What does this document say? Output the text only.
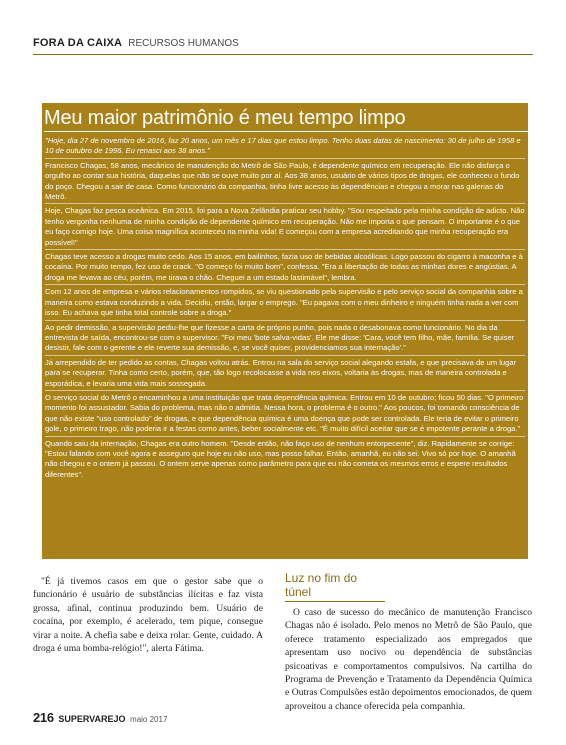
FORA DA CAIXA RECURSOS HUMANOS
Meu maior patrimônio é meu tempo limpo

"Hoje, dia 27 de novembro de 2016, faz 20 anos, um mês e 17 dias que estou limpo. Tenho duas datas de nascimento: 30 de julho de 1958 e 10 de outubro de 1996. Eu renasci aos 38 anos."

Francisco Chagas, 58 anos, mecânico de manutenção do Metrô de São Paulo, é dependente químico em recuperação. Ele não disfarça o orgulho ao contar sua história, daquelas que não se ouve muito por aí. Aos 38 anos, usuário de vários tipos de drogas, ele conheceu o fundo do poço. Chegou a sair de casa. Como funcionário da companhia, tinha livre acesso às dependências e chegou a morar nas galerias do Metrô.

Hoje, Chagas faz pesca oceânica. Em 2015, foi para a Nova Zelândia praticar seu hobby. "Sou respeitado pela minha condição de adicto. Não tenho vergonha nenhuma de minha condição de dependente químico em recuperação. Não me importa o que pensam. O importante é o que eu faço comigo hoje. Uma coisa magnífica aconteceu na minha vida! E começou com a empresa acreditando que minha recuperação era possível!"

Chagas teve acesso a drogas muito cedo. Aos 15 anos, em bailinhos, fazia uso de bebidas alcoólicas. Logo passou do cigarro à maconha e à cocaína. Por muito tempo, fez uso de crack. "O começo foi muito bom", confessa. "Era a libertação de todas as minhas dores e angústias. A droga me levava ao céu, porém, me tirava o chão. Cheguei a um estado lastimável", lembra.

Com 12 anos de empresa e vários relacionamentos rompidos, se viu questionado pela supervisão e pelo serviço social da companhia sobre a maneira como estava conduzindo a vida. Decidiu, então, largar o emprego. "Eu pagava com o meu dinheiro e ninguém tinha nada a ver com isso. Eu achava que tinha total controle sobre a droga."

Ao pedir demissão, a supervisão pediu-lhe que fizesse a carta de próprio punho, pois nada o desabonava como funcionário. No dia da entrevista de saída, encontrou-se com o supervisor. "Foi meu 'bote salva-vidas'. Ele me disse: 'Cara, você tem filho, mãe, família. Se quiser desistir, fale com o gerente e ele reverte sua demissão, e, se você quiser, providenciamos sua internação'."

Já arrependido de ter pedido as contas, Chagas voltou atrás. Entrou na sala do serviço social alegando estafa, e que precisava de um lugar para se recuperar. Tinha como certo, porém, que, tão logo recolocasse a vida nos eixos, voltaria às drogas, mas de maneira controlada e esporádica, e levaria uma vida mais sossegada.

O serviço social do Metrô o encaminhou a uma instituição que trata dependência química. Entrou em 10 de outubro; ficou 50 dias. "O primeiro momento foi assustador. Sabia do problema, mas não o admitia. Nessa hora, o problema é o outro." Aos poucos, foi tomando consciência de que não existe "uso controlado" de drogas, e que dependência química é uma doença que pode ser controlada. Ele teria de evitar o primeiro gole, o primeiro trago, não poderia ir a festas como antes, beber socialmente etc. "É muito difícil aceitar que se é impotente perante a droga."

Quando saiu da internação, Chagas era outro homem. "Desde então, não faço uso de nenhum entorpecente", diz. Rapidamente se corrige: "Estou falando com você agora e asseguro que hoje eu não uso, mas posso falhar. Então, amanhã, eu não sei. Vivo só por hoje. O amanhã não chegou e o ontem já passou. O ontem serve apenas como parâmetro para que eu não cometa os mesmos erros e espere resultados diferentes".

"É já tivemos casos em que o gestor sabe que o funcionário é usuário de substâncias ilícitas e faz vista grossa, afinal, continua produzindo bem. Usuário de cocaína, por exemplo, é acelerado, tem pique, consegue virar a noite. A chefia sabe e deixa rolar. Gente, cuidado. A droga é uma bomba-relógio!", alerta Fátima.

Luz no fim do túnel

O caso de sucesso do mecânico de manutenção Francisco Chagas não é isolado. Pelo menos no Metrô de São Paulo, que oferece tratamento especializado aos empregados que apresentam uso nocivo ou dependência de substâncias psicoativas e comportamentos compulsivos. Na cartilha do Programa de Prevenção e Tratamento da Dependência Química e Outras Compulsões estão depoimentos emocionados, de quem aproveitou a chance oferecida pela companhia.

216 SUPERVAREJO maio 2017
